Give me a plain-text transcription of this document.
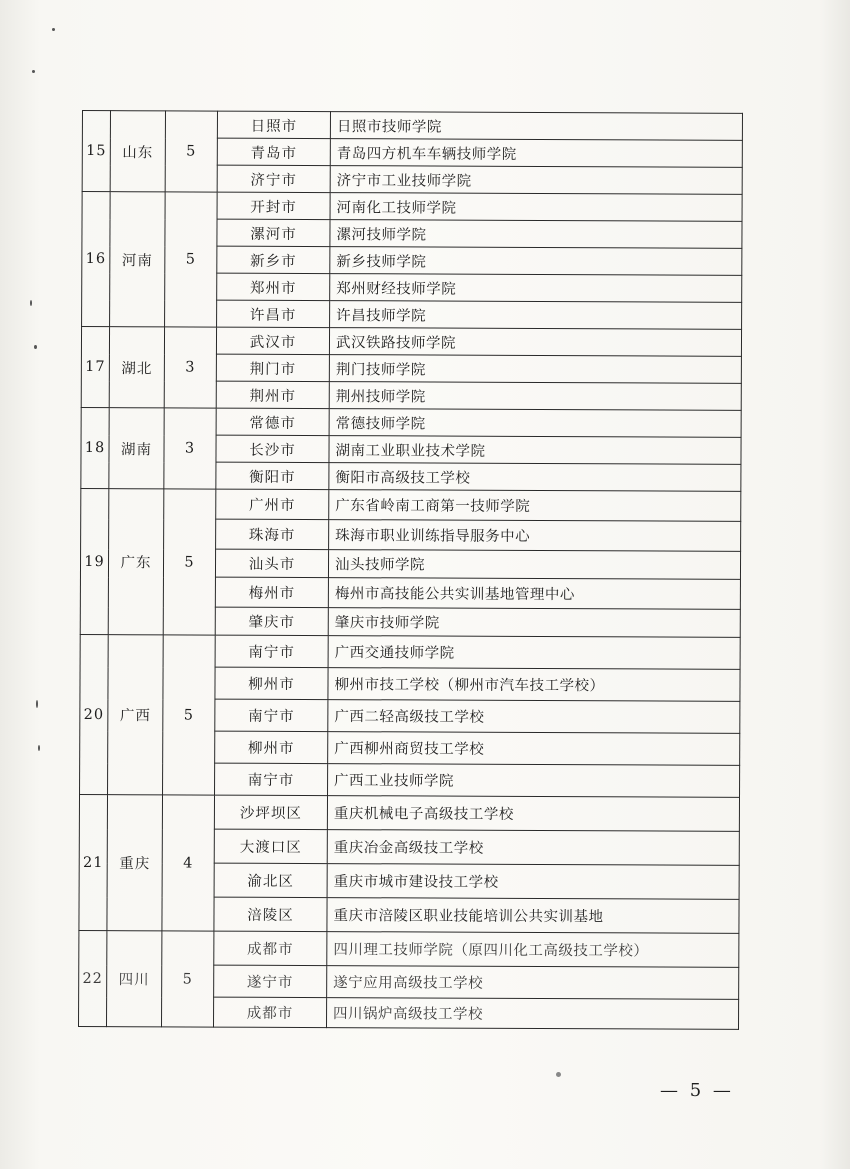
15	山东	5	日照市	日照市技师学院
			青岛市	青岛四方机车车辆技师学院
			济宁市	济宁市工业技师学院
16	河南	5	开封市	河南化工技师学院
			漯河市	漯河技师学院
			新乡市	新乡技师学院
			郑州市	郑州财经技师学院
			许昌市	许昌技师学院
17	湖北	3	武汉市	武汉铁路技师学院
			荆门市	荆门技师学院
			荆州市	荆州技师学院
18	湖南	3	常德市	常德技师学院
			长沙市	湖南工业职业技术学院
			衡阳市	衡阳市高级技工学校
19	广东	5	广州市	广东省岭南工商第一技师学院
			珠海市	珠海市职业训练指导服务中心
			汕头市	汕头技师学院
			梅州市	梅州市高技能公共实训基地管理中心
			肇庆市	肇庆市技师学院
20	广西	5	南宁市	广西交通技师学院
			柳州市	柳州市技工学校（柳州市汽车技工学校）
			南宁市	广西二轻高级技工学校
			柳州市	广西柳州商贸技工学校
			南宁市	广西工业技师学院
21	重庆	4	沙坪坝区	重庆机械电子高级技工学校
			大渡口区	重庆冶金高级技工学校
			渝北区	重庆市城市建设技工学校
			涪陵区	重庆市涪陵区职业技能培训公共实训基地
22	四川	5	成都市	四川理工技师学院（原四川化工高级技工学校）
			遂宁市	遂宁应用高级技工学校
			成都市	四川锅炉高级技工学校
— 5 —
